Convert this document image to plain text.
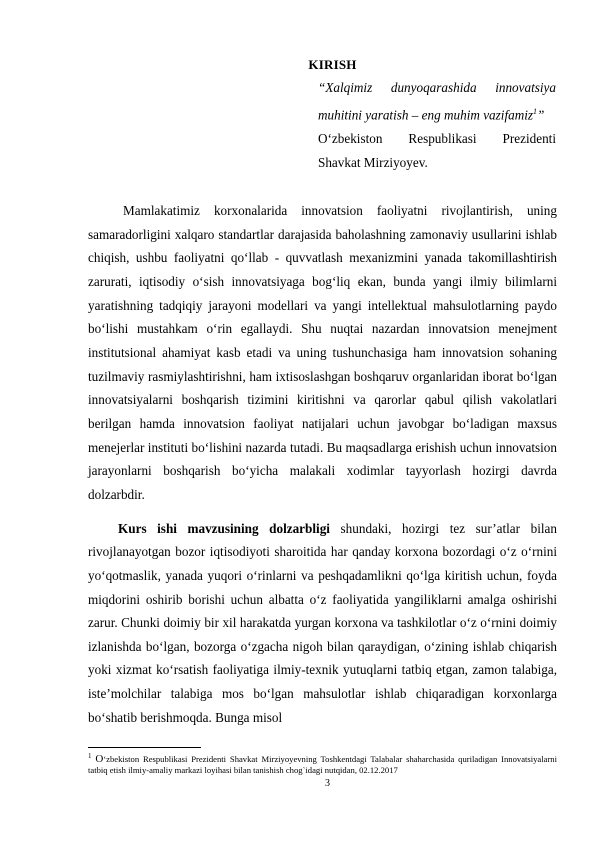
KIRISH

“Xalqimiz dunyoqarashida innovatsiya muhitini yaratish – eng muhim vazifamiz$^1$”

O‘zbekiston Respublikasi Prezidenti Shavkat Mirziyoyev.

Mamlakatimiz korxonalarida innovatsion faoliyatni rivojlantirish, uning samaradorligini xalqaro standartlar darajasida baholashning zamonaviy usullarini ishlab chiqish, ushbu faoliyatni qo‘llab - quvvatlash mexanizmini yanada takomillashtirish zarurati, iqtisodiy o‘sish innovatsiyaga bog‘liq ekan, bunda yangi ilmiy bilimlarni yaratishning tadqiqiy jarayoni modellari va yangi intellektual mahsulotlarning paydo bo‘lishi mustahkam o‘rin egallaydi. Shu nuqtai nazardan innovatsion menejment institutsional ahamiyat kasb etadi va uning tushunchasiga ham innovatsion sohaning tuzilmaviy rasmiylashtirishni, ham ixtisoslashgan boshqaruv organlaridan iborat bo‘lgan innovatsiyalarni boshqarish tizimini kiritishni va qarorlar qabul qilish vakolatlari berilgan hamda innovatsion faoliyat natijalari uchun javobgar bo‘ladigan maxsus menejerlar instituti bo‘lishini nazarda tutadi. Bu maqsadlarga erishish uchun innovatsion jarayonlarni boshqarish bo‘yicha malakali xodimlar tayyorlash hozirgi davrda dolzarbdir.

Kurs ishi mavzusining dolzarbligi shundaki, hozirgi tez sur’atlar bilan rivojlanayotgan bozor iqtisodiyoti sharoitida har qanday korxona bozordagi o‘z o‘rnini yo‘qotmaslik, yanada yuqori o‘rinlarni va peshqadamlikni qo‘lga kiritish uchun, foyda miqdorini oshirib borishi uchun albatta o‘z faoliyatida yangiliklarni amalga oshirishi zarur. Chunki doimiy bir xil harakatda yurgan korxona va tashkilotlar o‘z o‘rnini doimiy izlanishda bo‘lgan, bozorga o‘zgacha nigoh bilan qaraydigan, o‘zining ishlab chiqarish yoki xizmat ko‘rsatish faoliyatiga ilmiy-texnik yutuqlarni tatbiq etgan, zamon talabiga, iste’molchilar talabiga mos bo‘lgan mahsulotlar ishlab chiqaradigan korxonlarga bo‘shatib berishmoqda. Bunga misol

$^1$ O‘zbekiston Respublikasi Prezidenti Shavkat Mirziyoyevning Toshkentdagi Talabalar shaharchasida quriladigan Innovatsiyalarni tatbiq etish ilmiy-amaliy markazi loyihasi bilan tanishish chog`idagi nutqidan, 02.12.2017
3
